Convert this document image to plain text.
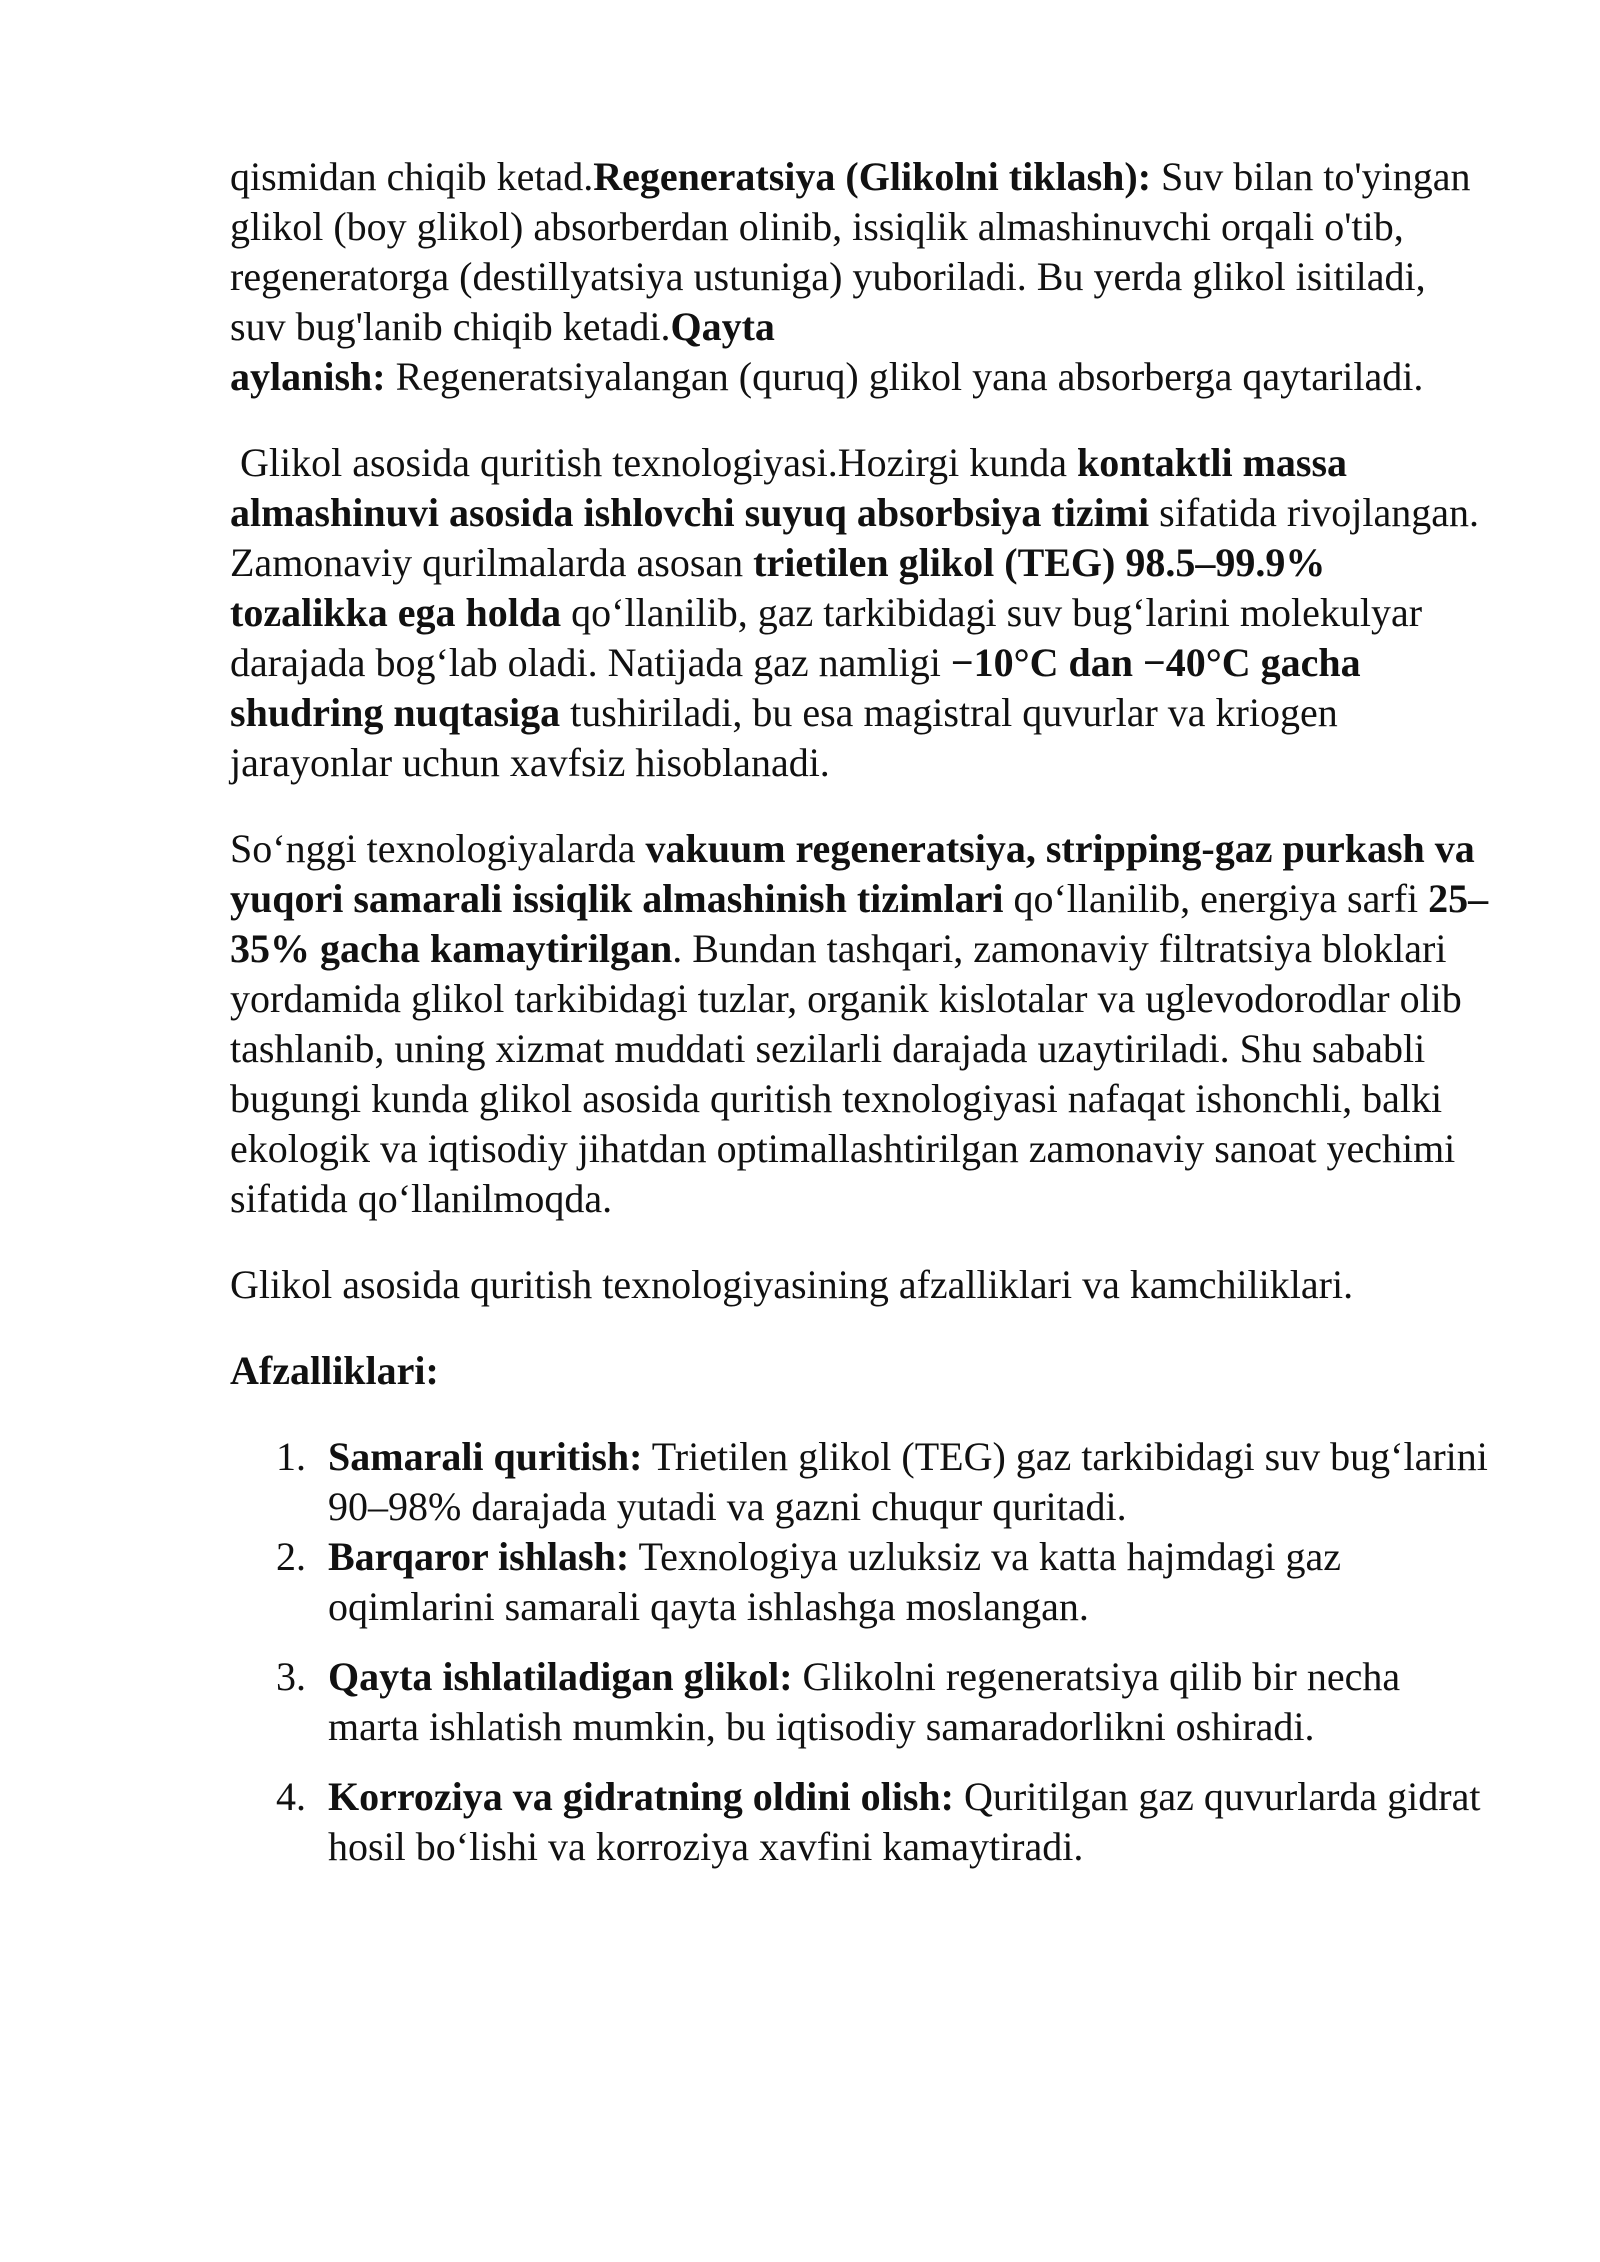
qismidan chiqib ketad.Regeneratsiya (Glikolni tiklash): Suv bilan to'yingan glikol (boy glikol) absorberdan olinib, issiqlik almashinuvchi orqali o'tib, regeneratorga (destillyatsiya ustuniga) yuboriladi. Bu yerda glikol isitiladi, suv bug'lanib chiqib ketadi.Qayta
aylanish: Regeneratsiyalangan (quruq) glikol yana absorberga qaytariladi.

Glikol asosida quritish texnologiyasi.Hozirgi kunda kontaktli massa almashinuvi asosida ishlovchi suyuq absorbsiya tizimi sifatida rivojlangan. Zamonaviy qurilmalarda asosan trietilen glikol (TEG) 98.5–99.9% tozalikka ega holda qo‘llanilib, gaz tarkibidagi suv bug‘larini molekulyar darajada bog‘lab oladi. Natijada gaz namligi −10°C dan −40°C gacha shudring nuqtasiga tushiriladi, bu esa magistral quvurlar va kriogen jarayonlar uchun xavfsiz hisoblanadi.

So‘nggi texnologiyalarda vakuum regeneratsiya, stripping-gaz purkash va yuqori samarali issiqlik almashinish tizimlari qo‘llanilib, energiya sarfi 25–35% gacha kamaytirilgan. Bundan tashqari, zamonaviy filtratsiya bloklari yordamida glikol tarkibidagi tuzlar, organik kislotalar va uglevodorodlar olib tashlanib, uning xizmat muddati sezilarli darajada uzaytiriladi. Shu sababli bugungi kunda glikol asosida quritish texnologiyasi nafaqat ishonchli, balki ekologik va iqtisodiy jihatdan optimallashtirilgan zamonaviy sanoat yechimi sifatida qo‘llanilmoqda.

Glikol asosida quritish texnologiyasining afzalliklari va kamchiliklari.

Afzalliklari:

1. Samarali quritish: Trietilen glikol (TEG) gaz tarkibidagi suv bug‘larini 90–98% darajada yutadi va gazni chuqur quritadi.
2. Barqaror ishlash: Texnologiya uzluksiz va katta hajmdagi gaz oqimlarini samarali qayta ishlashga moslangan.
3. Qayta ishlatiladigan glikol: Glikolni regeneratsiya qilib bir necha marta ishlatish mumkin, bu iqtisodiy samaradorlikni oshiradi.
4. Korroziya va gidratning oldini olish: Quritilgan gaz quvurlarda gidrat hosil bo‘lishi va korroziya xavfini kamaytiradi.
